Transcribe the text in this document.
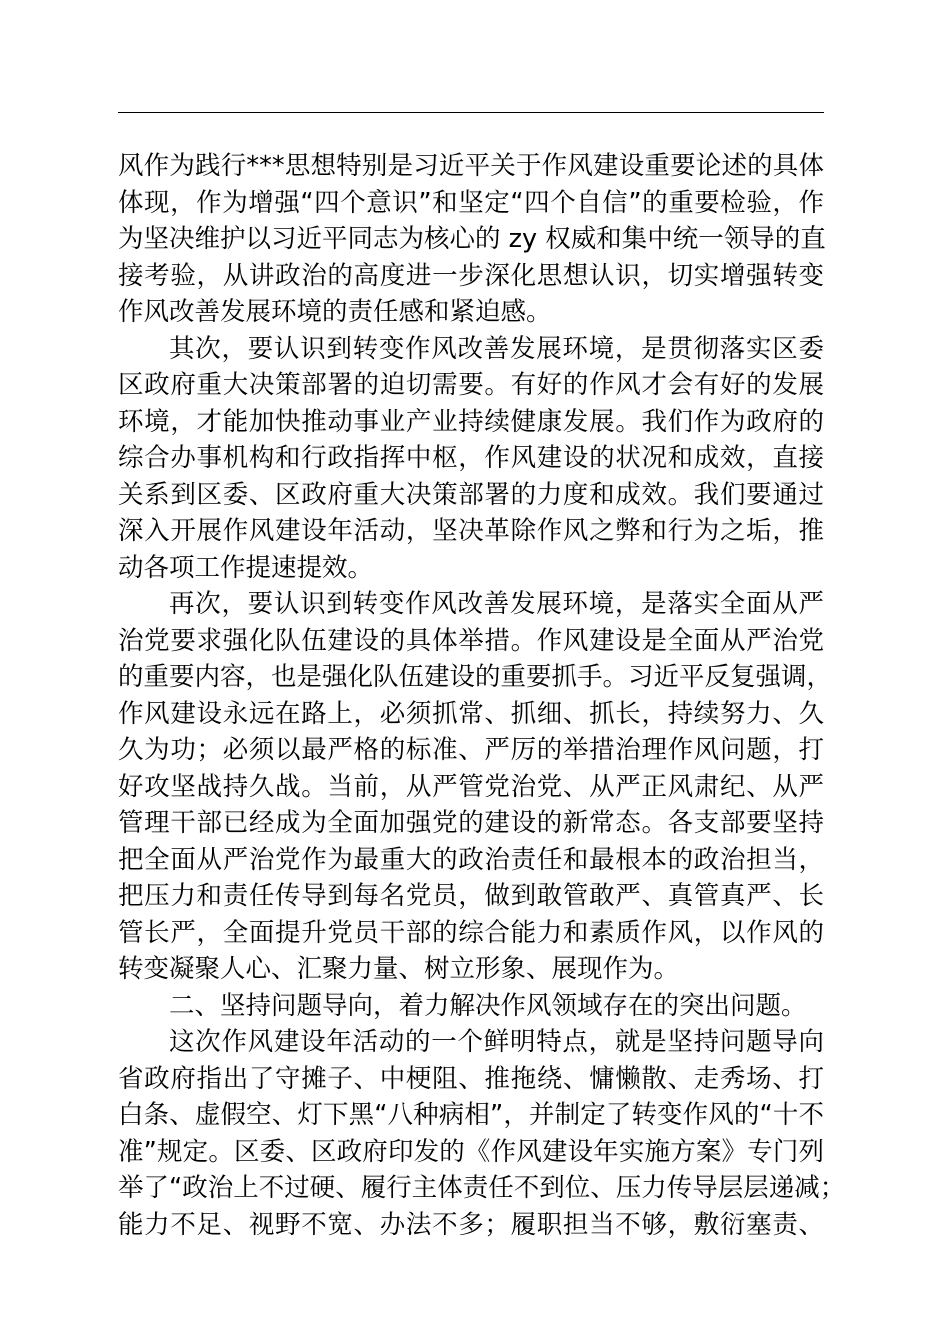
风作为践行***思想特别是习近平关于作风建设重要论述的具体
体现，作为增强“四个意识”和坚定“四个自信”的重要检验，作
为坚决维护以习近平同志为核心的 zy 权威和集中统一领导的直
接考验，从讲政治的高度进一步深化思想认识，切实增强转变
作风改善发展环境的责任感和紧迫感。
其次，要认识到转变作风改善发展环境，是贯彻落实区委
区政府重大决策部署的迫切需要。有好的作风才会有好的发展
环境，才能加快推动事业产业持续健康发展。我们作为政府的
综合办事机构和行政指挥中枢，作风建设的状况和成效，直接
关系到区委、区政府重大决策部署的力度和成效。我们要通过
深入开展作风建设年活动，坚决革除作风之弊和行为之垢，推
动各项工作提速提效。
再次，要认识到转变作风改善发展环境，是落实全面从严
治党要求强化队伍建设的具体举措。作风建设是全面从严治党
的重要内容，也是强化队伍建设的重要抓手。习近平反复强调，
作风建设永远在路上，必须抓常、抓细、抓长，持续努力、久
久为功；必须以最严格的标准、严厉的举措治理作风问题，打
好攻坚战持久战。当前，从严管党治党、从严正风肃纪、从严
管理干部已经成为全面加强党的建设的新常态。各支部要坚持
把全面从严治党作为最重大的政治责任和最根本的政治担当，
把压力和责任传导到每名党员，做到敢管敢严、真管真严、长
管长严，全面提升党员干部的综合能力和素质作风，以作风的
转变凝聚人心、汇聚力量、树立形象、展现作为。
二、坚持问题导向，着力解决作风领域存在的突出问题。
这次作风建设年活动的一个鲜明特点，就是坚持问题导向
省政府指出了守摊子、中梗阻、推拖绕、慵懒散、走秀场、打
白条、虚假空、灯下黑“八种病相”，并制定了转变作风的“十不
准”规定。区委、区政府印发的《作风建设年实施方案》专门列
举了“政治上不过硬、履行主体责任不到位、压力传导层层递减；
能力不足、视野不宽、办法不多；履职担当不够，敷衍塞责、
